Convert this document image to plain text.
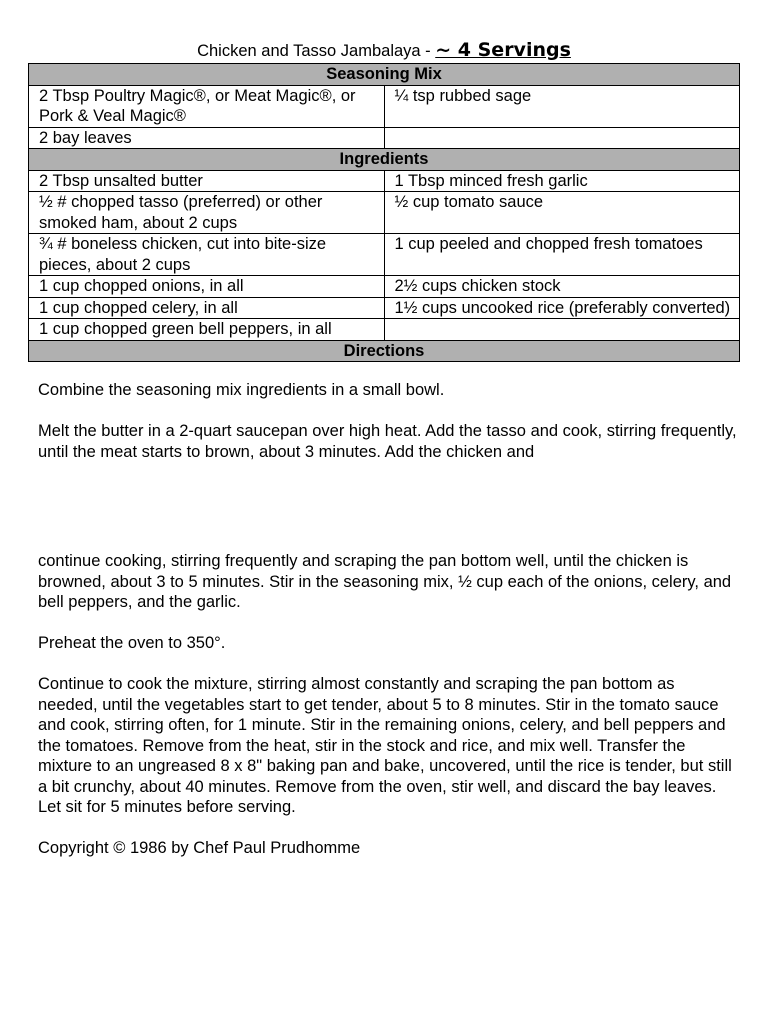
Chicken and Tasso Jambalaya - ~ 4 Servings
Seasoning Mix	
2 Tbsp Poultry Magic®, or Meat Magic®, or Pork & Veal Magic®	¼ tsp rubbed sage
2 bay leaves	
Ingredients	
2 Tbsp unsalted butter	1 Tbsp minced fresh garlic
½ # chopped tasso (preferred) or other smoked ham, about 2 cups	½ cup tomato sauce
¾ # boneless chicken, cut into bite-size pieces, about 2 cups	1 cup peeled and chopped fresh tomatoes
1 cup chopped onions, in all	2½ cups chicken stock
1 cup chopped celery, in all	1½ cups uncooked rice (preferably converted)
1 cup chopped green bell peppers, in all	
Directions	

Combine the seasoning mix ingredients in a small bowl.

Melt the butter in a 2-quart saucepan over high heat. Add the tasso and cook, stirring frequently, until the meat starts to brown, about 3 minutes. Add the chicken and

continue cooking, stirring frequently and scraping the pan bottom well, until the chicken is browned, about 3 to 5 minutes. Stir in the seasoning mix, ½ cup each of the onions, celery, and bell peppers, and the garlic.

Preheat the oven to 350°.

Continue to cook the mixture, stirring almost constantly and scraping the pan bottom as needed, until the vegetables start to get tender, about 5 to 8 minutes. Stir in the tomato sauce and cook, stirring often, for 1 minute. Stir in the remaining onions, celery, and bell peppers and the tomatoes. Remove from the heat, stir in the stock and rice, and mix well. Transfer the mixture to an ungreased 8 x 8" baking pan and bake, uncovered, until the rice is tender, but still a bit crunchy, about 40 minutes. Remove from the oven, stir well, and discard the bay leaves. Let sit for 5 minutes before serving.

Copyright © 1986 by Chef Paul Prudhomme
